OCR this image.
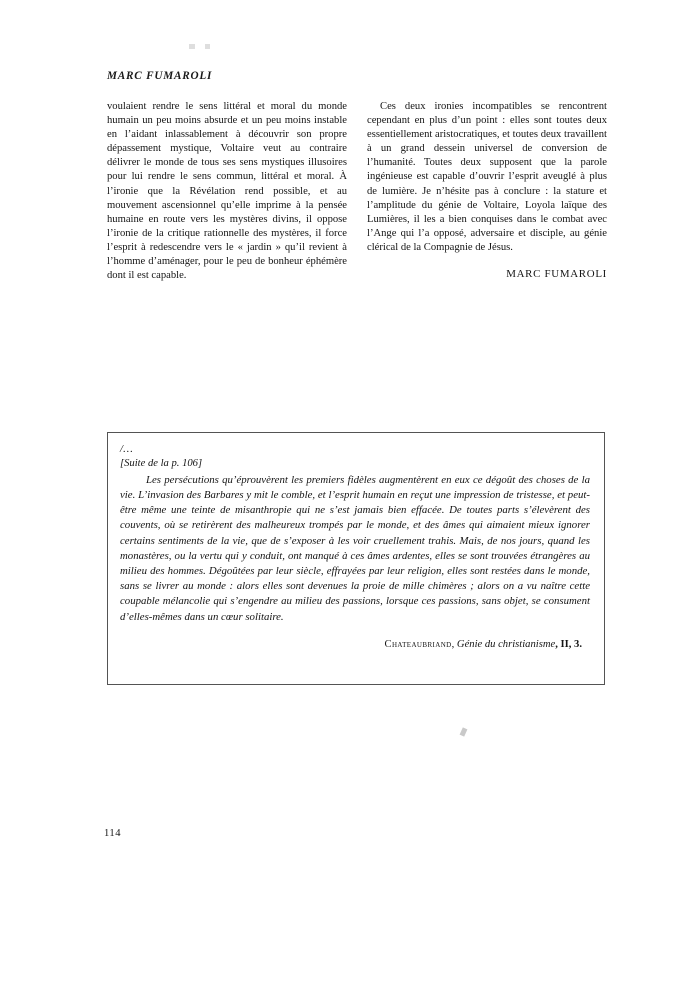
MARC FUMAROLI

voulaient rendre le sens littéral et moral du monde humain un peu moins absurde et un peu moins instable en l’aidant inlassablement à découvrir son propre dépassement mystique, Voltaire veut au contraire délivrer le monde de tous ses sens mystiques illusoires pour lui rendre le sens commun, littéral et moral. À l’ironie que la Révélation rend possible, et au mouvement ascensionnel qu’elle imprime à la pensée humaine en route vers les mystères divins, il oppose l’ironie de la critique rationnelle des mystères, il force l’esprit à redescendre vers le « jardin » qu’il revient à l’homme d’aménager, pour le peu de bonheur éphémère dont il est capable.

Ces deux ironies incompatibles se rencontrent cependant en plus d’un point : elles sont toutes deux essentiellement aristocratiques, et toutes deux travaillent à un grand dessein universel de conversion de l’humanité. Toutes deux supposent que la parole ingénieuse est capable d’ouvrir l’esprit aveuglé à plus de lumière. Je n’hésite pas à conclure : la stature et l’amplitude du génie de Voltaire, Loyola laïque des Lumières, il les a bien conquises dans le combat avec l’Ange qui l’a opposé, adversaire et disciple, au génie clérical de la Compagnie de Jésus.

MARC FUMAROLI

/…

[Suite de la p. 106]

Les persécutions qu’éprouvèrent les premiers fidèles augmentèrent en eux ce dégoût des choses de la vie. L’invasion des Barbares y mit le comble, et l’esprit humain en reçut une impression de tristesse, et peut-être même une teinte de misanthropie qui ne s’est jamais bien effacée. De toutes parts s’élevèrent des couvents, où se retirèrent des malheureux trompés par le monde, et des âmes qui aimaient mieux ignorer certains sentiments de la vie, que de s’exposer à les voir cruellement trahis. Mais, de nos jours, quand les monastères, ou la vertu qui y conduit, ont manqué à ces âmes ardentes, elles se sont trouvées étrangères au milieu des hommes. Dégoûtées par leur siècle, effrayées par leur religion, elles sont restées dans le monde, sans se livrer au monde : alors elles sont devenues la proie de mille chimères ; alors on a vu naître cette coupable mélancolie qui s’engendre au milieu des passions, lorsque ces passions, sans objet, se consument d’elles-mêmes dans un cœur solitaire.

Chateaubriand, Génie du christianisme, II, 3.

114
